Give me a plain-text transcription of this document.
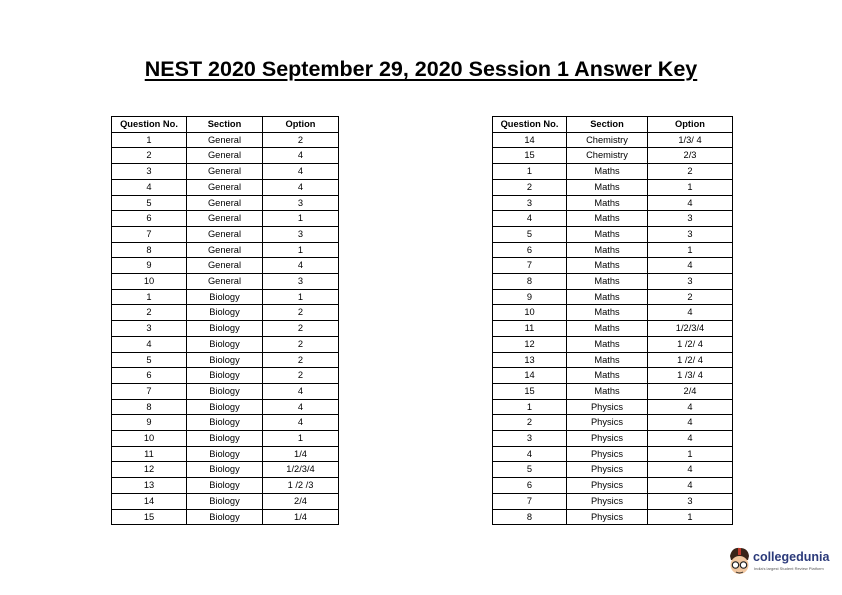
NEST 2020 September 29, 2020 Session 1 Answer Key
Question No.	Section	Option
1	General	2
2	General	4
3	General	4
4	General	4
5	General	3
6	General	1
7	General	3
8	General	1
9	General	4
10	General	3
1	Biology	1
2	Biology	2
3	Biology	2
4	Biology	2
5	Biology	2
6	Biology	2
7	Biology	4
8	Biology	4
9	Biology	4
10	Biology	1
11	Biology	1/4
12	Biology	1/2/3/4
13	Biology	1 /2 /3
14	Biology	2/4
15	Biology	1/4
Question No.	Section	Option
14	Chemistry	1/3/ 4
15	Chemistry	2/3
1	Maths	2
2	Maths	1
3	Maths	4
4	Maths	3
5	Maths	3
6	Maths	1
7	Maths	4
8	Maths	3
9	Maths	2
10	Maths	4
11	Maths	1/2/3/4
12	Maths	1 /2/ 4
13	Maths	1 /2/ 4
14	Maths	1 /3/ 4
15	Maths	2/4
1	Physics	4
2	Physics	4
3	Physics	4
4	Physics	1
5	Physics	4
6	Physics	4
7	Physics	3
8	Physics	1
collegedunia
India's largest Student Review Platform
